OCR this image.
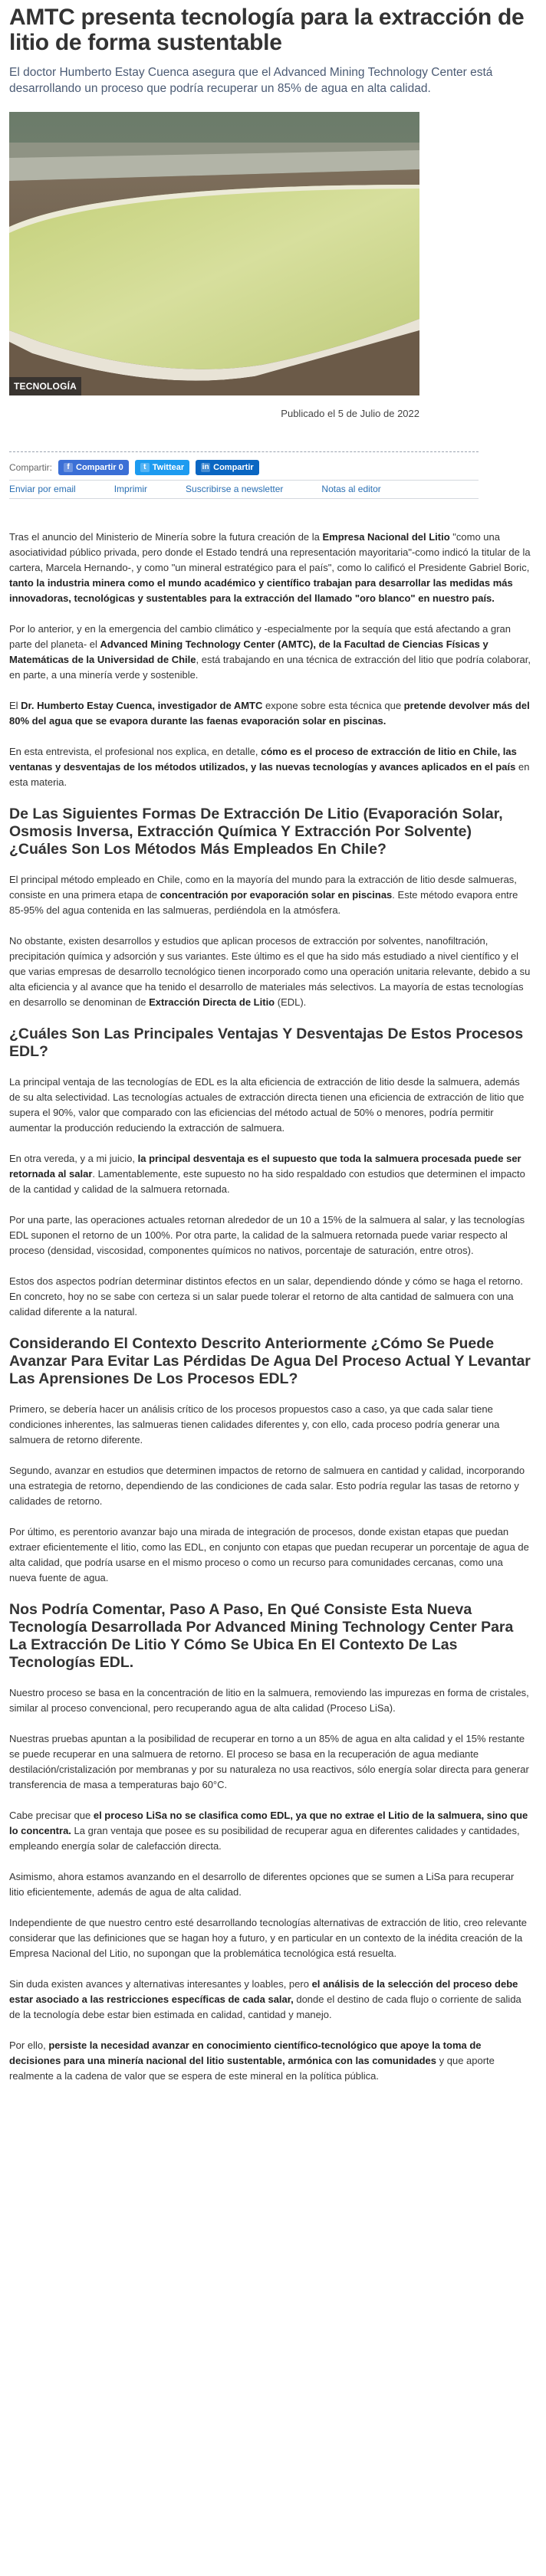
AMTC presenta tecnología para la extracción de litio de forma sustentable

El doctor Humberto Estay Cuenca asegura que el Advanced Mining Technology Center está desarrollando un proceso que podría recuperar un 85% de agua en alta calidad.

TECNOLOGÍA

Publicado el 5 de Julio de 2022

Compartir:	f Compartir 0	t Twittear in Compartir
Enviar por email	Imprimir	Suscribirse a newsletter	Notas al editor

Tras el anuncio del Ministerio de Minería sobre la futura creación de la Empresa Nacional del Litio "como una asociatividad público privada, pero donde el Estado tendrá una representación mayoritaria"-como indicó la titular de la cartera, Marcela Hernando-, y como "un mineral estratégico para el país", como lo calificó el Presidente Gabriel Boric, tanto la industria minera como el mundo académico y científico trabajan para desarrollar las medidas más innovadoras, tecnológicas y sustentables para la extracción del llamado "oro blanco" en nuestro país.

Por lo anterior, y en la emergencia del cambio climático y -especialmente por la sequía que está afectando a gran parte del planeta- el Advanced Mining Technology Center (AMTC), de la Facultad de Ciencias Físicas y Matemáticas de la Universidad de Chile, está trabajando en una técnica de extracción del litio que podría colaborar, en parte, a una minería verde y sostenible.

El Dr. Humberto Estay Cuenca, investigador de AMTC expone sobre esta técnica que pretende devolver más del 80% del agua que se evapora durante las faenas evaporación solar en piscinas.

En esta entrevista, el profesional nos explica, en detalle, cómo es el proceso de extracción de litio en Chile, las ventanas y desventajas de los métodos utilizados, y las nuevas tecnologías y avances aplicados en el país en esta materia.

De Las Siguientes Formas De Extracción De Litio (Evaporación Solar, Osmosis Inversa, Extracción Química Y Extracción Por Solvente) ¿Cuáles Son Los Métodos Más Empleados En Chile?

El principal método empleado en Chile, como en la mayoría del mundo para la extracción de litio desde salmueras, consiste en una primera etapa de concentración por evaporación solar en piscinas. Este método evapora entre 85-95% del agua contenida en las salmueras, perdiéndola en la atmósfera.

No obstante, existen desarrollos y estudios que aplican procesos de extracción por solventes, nanofiltración, precipitación química y adsorción y sus variantes. Este último es el que ha sido más estudiado a nivel científico y el que varias empresas de desarrollo tecnológico tienen incorporado como una operación unitaria relevante, debido a su alta eficiencia y al avance que ha tenido el desarrollo de materiales más selectivos. La mayoría de estas tecnologías en desarrollo se denominan de Extracción Directa de Litio (EDL).

¿Cuáles Son Las Principales Ventajas Y Desventajas De Estos Procesos EDL?

La principal ventaja de las tecnologías de EDL es la alta eficiencia de extracción de litio desde la salmuera, además de su alta selectividad. Las tecnologías actuales de extracción directa tienen una eficiencia de extracción de litio que supera el 90%, valor que comparado con las eficiencias del método actual de 50% o menores, podría permitir aumentar la producción reduciendo la extracción de salmuera.

En otra vereda, y a mi juicio, la principal desventaja es el supuesto que toda la salmuera procesada puede ser retornada al salar. Lamentablemente, este supuesto no ha sido respaldado con estudios que determinen el impacto de la cantidad y calidad de la salmuera retornada.

Por una parte, las operaciones actuales retornan alrededor de un 10 a 15% de la salmuera al salar, y las tecnologías EDL suponen el retorno de un 100%. Por otra parte, la calidad de la salmuera retornada puede variar respecto al proceso (densidad, viscosidad, componentes químicos no nativos, porcentaje de saturación, entre otros).

Estos dos aspectos podrían determinar distintos efectos en un salar, dependiendo dónde y cómo se haga el retorno. En concreto, hoy no se sabe con certeza si un salar puede tolerar el retorno de alta cantidad de salmuera con una calidad diferente a la natural.

Considerando El Contexto Descrito Anteriormente ¿Cómo Se Puede Avanzar Para Evitar Las Pérdidas De Agua Del Proceso Actual Y Levantar Las Aprensiones De Los Procesos EDL?

Primero, se debería hacer un análisis crítico de los procesos propuestos caso a caso, ya que cada salar tiene condiciones inherentes, las salmueras tienen calidades diferentes y, con ello, cada proceso podría generar una salmuera de retorno diferente.

Segundo, avanzar en estudios que determinen impactos de retorno de salmuera en cantidad y calidad, incorporando una estrategia de retorno, dependiendo de las condiciones de cada salar. Esto podría regular las tasas de retorno y calidades de retorno.

Por último, es perentorio avanzar bajo una mirada de integración de procesos, donde existan etapas que puedan extraer eficientemente el litio, como las EDL, en conjunto con etapas que puedan recuperar un porcentaje de agua de alta calidad, que podría usarse en el mismo proceso o como un recurso para comunidades cercanas, como una nueva fuente de agua.

Nos Podría Comentar, Paso A Paso, En Qué Consiste Esta Nueva Tecnología Desarrollada Por Advanced Mining Technology Center Para La Extracción De Litio Y Cómo Se Ubica En El Contexto De Las Tecnologías EDL.

Nuestro proceso se basa en la concentración de litio en la salmuera, removiendo las impurezas en forma de cristales, similar al proceso convencional, pero recuperando agua de alta calidad (Proceso LiSa).

Nuestras pruebas apuntan a la posibilidad de recuperar en torno a un 85% de agua en alta calidad y el 15% restante se puede recuperar en una salmuera de retorno. El proceso se basa en la recuperación de agua mediante destilación/cristalización por membranas y por su naturaleza no usa reactivos, sólo energía solar directa para generar transferencia de masa a temperaturas bajo 60°C.

Cabe precisar que el proceso LiSa no se clasifica como EDL, ya que no extrae el Litio de la salmuera, sino que lo concentra. La gran ventaja que posee es su posibilidad de recuperar agua en diferentes calidades y cantidades, empleando energía solar de calefacción directa.

Asimismo, ahora estamos avanzando en el desarrollo de diferentes opciones que se sumen a LiSa para recuperar litio eficientemente, además de agua de alta calidad.

Independiente de que nuestro centro esté desarrollando tecnologías alternativas de extracción de litio, creo relevante considerar que las definiciones que se hagan hoy a futuro, y en particular en un contexto de la inédita creación de la Empresa Nacional del Litio, no supongan que la problemática tecnológica está resuelta.

Sin duda existen avances y alternativas interesantes y loables, pero el análisis de la selección del proceso debe estar asociado a las restricciones específicas de cada salar, donde el destino de cada flujo o corriente de salida de la tecnología debe estar bien estimada en calidad, cantidad y manejo.

Por ello, persiste la necesidad avanzar en conocimiento científico-tecnológico que apoye la toma de decisiones para una minería nacional del litio sustentable, armónica con las comunidades y que aporte realmente a la cadena de valor que se espera de este mineral en la política pública.
